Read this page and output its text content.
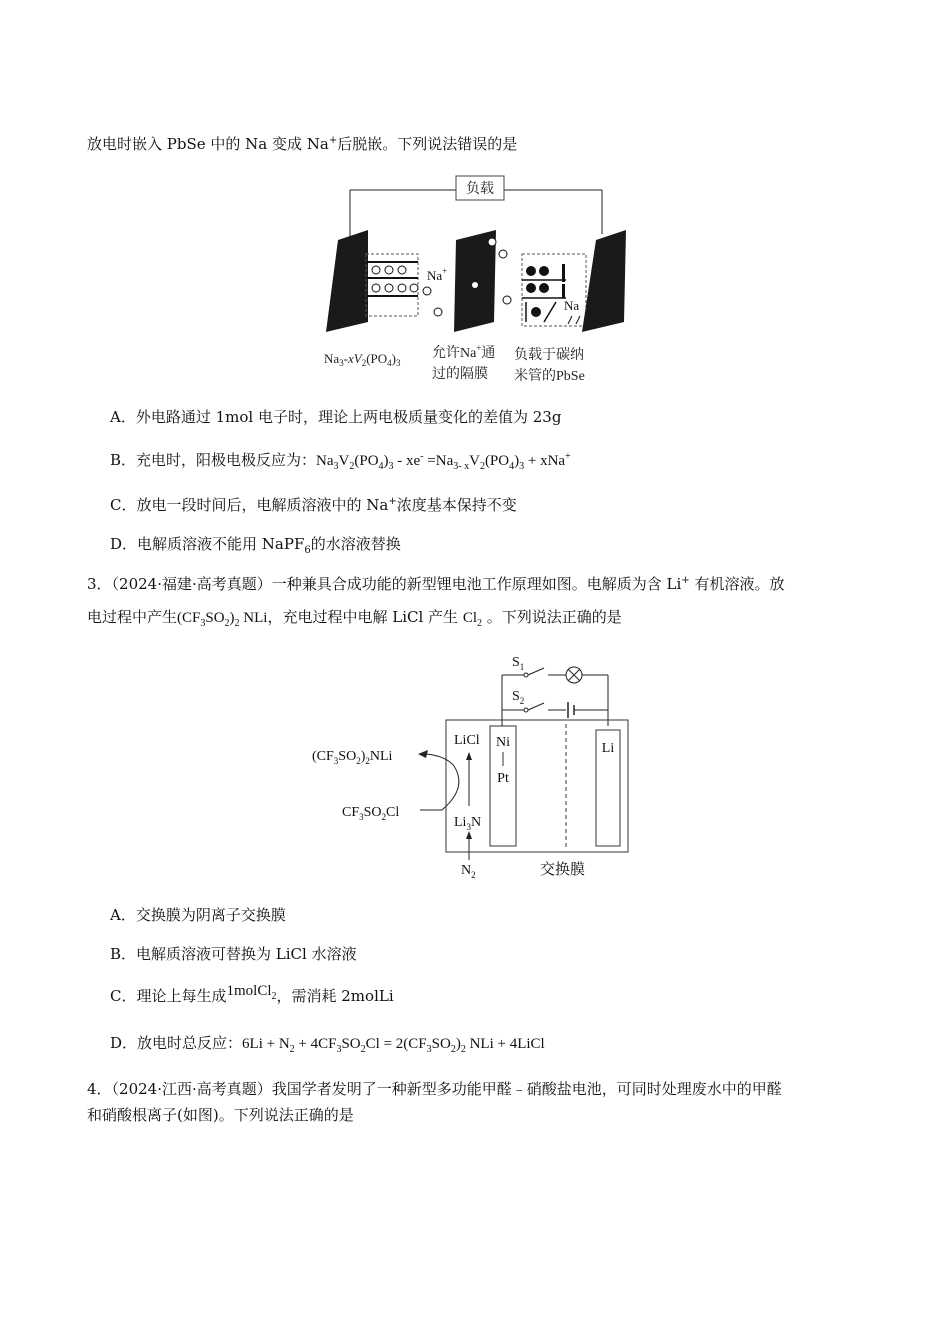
放电时嵌入 PbSe 中的 Na 变成 Na+后脱嵌。下列说法错误的是
负载
Na+
Na
$Na_3-xV_2(PO_4)_3$
允许Na+通
过的隔膜
负载于碳纳
米管的PbSe
A．外电路通过 1mol 电子时，理论上两电极质量变化的差值为 23g
B．充电时，阳极电极反应为：$Na_3V_2(PO_4)_3 - xe^- =Na_{3- x}V_2(PO_4)_3 + xNa^+$
C．放电一段时间后，电解质溶液中的 Na+浓度基本保持不变
D．电解质溶液不能用 NaPF$_6$的水溶液替换
3．（2024·福建·高考真题）一种兼具合成功能的新型锂电池工作原理如图。电解质为含 Li+ 有机溶液。放
电过程中产生$(CF_3SO_2)_2$ NLi，充电过程中电解 LiCl 产生 $Cl_2$ 。下列说法正确的是
$S_1$
$S_2$
Ni
Pt
Li
LiCl
$Li_3N$
$N_2$
$(CF_3SO_2)_2NLi$
$CF_3SO_2Cl$
交换膜
A．交换膜为阴离子交换膜
B．电解质溶液可替换为 LiCl 水溶液
C．理论上每生成1molCl$_2$，需消耗 2molLi
D．放电时总反应：$6Li + N_2 + 4CF_3SO_2Cl = 2(CF_3SO_2)_2$ NLi + 4LiCl
4．（2024·江西·高考真题）我国学者发明了一种新型多功能甲醛﹣硝酸盐电池，可同时处理废水中的甲醛
和硝酸根离子(如图)。下列说法正确的是
